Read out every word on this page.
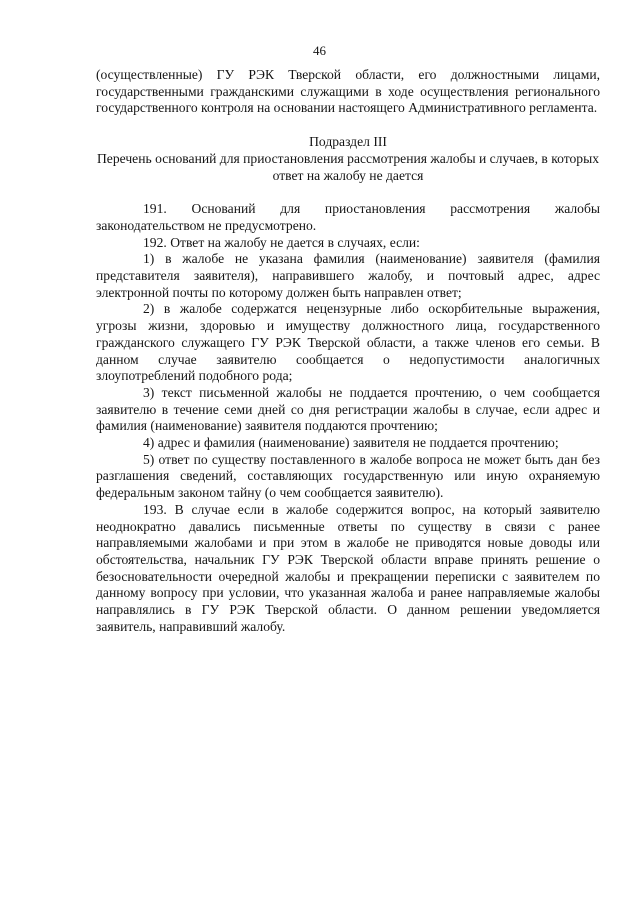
46

(осуществленные) ГУ РЭК Тверской области, его должностными лицами, государственными гражданскими служащими в ходе осуществления регионального государственного контроля на основании настоящего Административного регламента.

Подраздел III

Перечень оснований для приостановления рассмотрения жалобы и случаев, в которых ответ на жалобу не дается

191. Оснований для приостановления рассмотрения жалобы законодательством не предусмотрено.

192. Ответ на жалобу не дается в случаях, если:

1) в жалобе не указана фамилия (наименование) заявителя (фамилия представителя заявителя), направившего жалобу, и почтовый адрес, адрес электронной почты по которому должен быть направлен ответ;

2) в жалобе содержатся нецензурные либо оскорбительные выражения, угрозы жизни, здоровью и имуществу должностного лица, государственного гражданского служащего ГУ РЭК Тверской области, а также членов его семьи. В данном случае заявителю сообщается о недопустимости аналогичных злоупотреблений подобного рода;

3) текст письменной жалобы не поддается прочтению, о чем сообщается заявителю в течение семи дней со дня регистрации жалобы в случае, если адрес и фамилия (наименование) заявителя поддаются прочтению;

4) адрес и фамилия (наименование) заявителя не поддается прочтению;

5) ответ по существу поставленного в жалобе вопроса не может быть дан без разглашения сведений, составляющих государственную или иную охраняемую федеральным законом тайну (о чем сообщается заявителю).

193. В случае если в жалобе содержится вопрос, на который заявителю неоднократно давались письменные ответы по существу в связи с ранее направляемыми жалобами и при этом в жалобе не приводятся новые доводы или обстоятельства, начальник ГУ РЭК Тверской области вправе принять решение о безосновательности очередной жалобы и прекращении переписки с заявителем по данному вопросу при условии, что указанная жалоба и ранее направляемые жалобы направлялись в ГУ РЭК Тверской области. О данном решении уведомляется заявитель, направивший жалобу.
